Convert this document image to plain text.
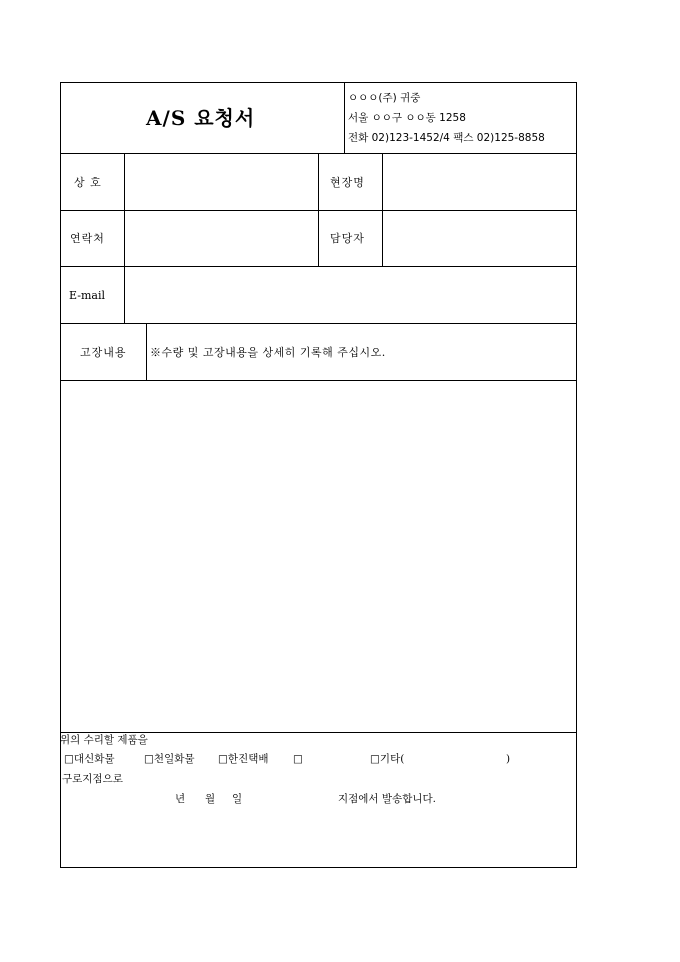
A/S 요청서
ㅇㅇㅇ(주) 귀중
서울 ㅇㅇ구 ㅇㅇ동 1258
전화 02)123-1452/4 팩스 02)125-8858
상 호	현장명
연락처	담당자
E-mail
고장내용 ※수량 및 고장내용을 상세히 기록해 주십시오.
위의 수리할 제품을
□대신화물	□천일화물 □한진택배 □	□기타(	)
구로지점으로
년 월 일	지점에서 발송합니다.
